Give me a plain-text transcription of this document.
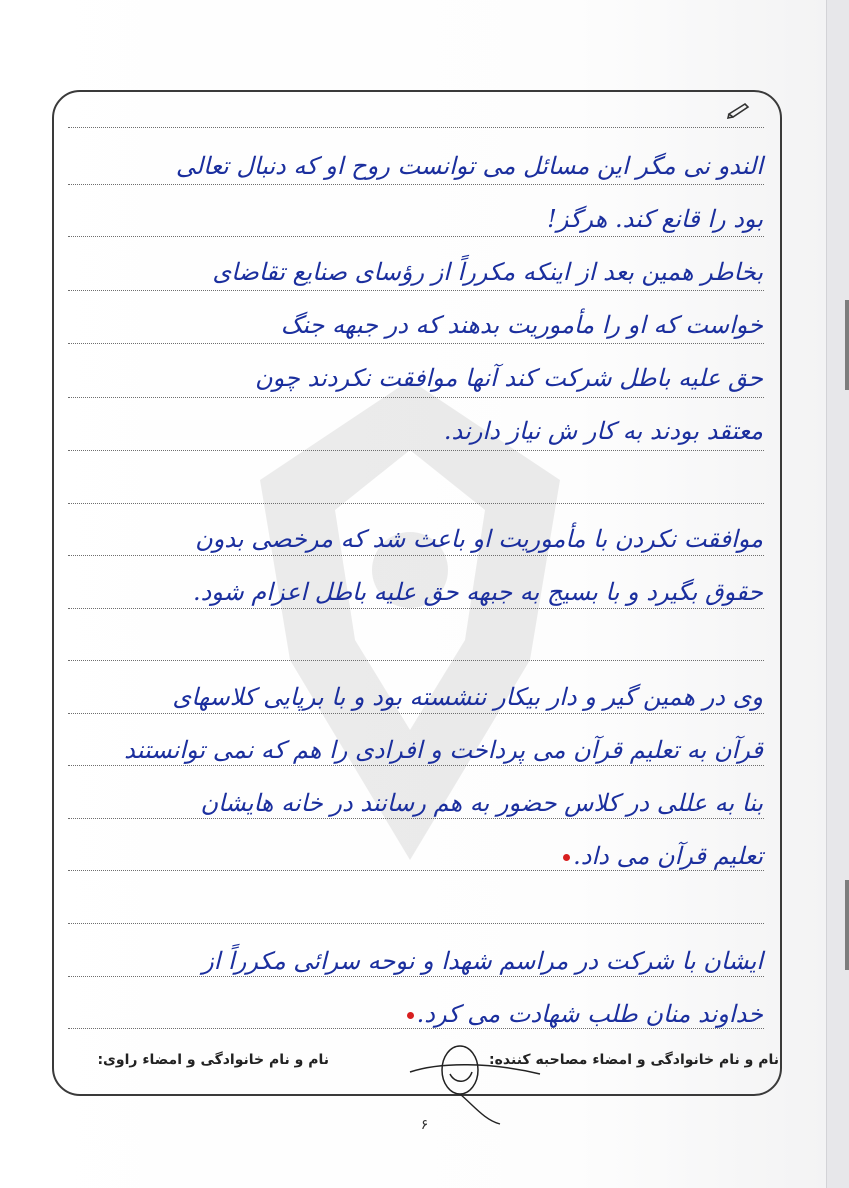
الندو نی مگر این مسائل می توانست روح او که دنبال تعالی
بود را قانع کند. هرگز!
بخاطر همین بعد از اینکه مکرراً از رؤسای صنایع تقاضای
خواست که او را مأموریت بدهند که در جبهه جنگ
حق علیه باطل شرکت کند آنها موافقت نکردند چون
معتقد بودند به کار ش نیاز دارند.
موافقت نکردن با مأموریت او باعث شد که مرخصی بدون
حقوق بگیرد و با بسیج به جبهه حق علیه باطل اعزام شود.
وی در همین گیر و دار بیکار ننشسته بود و با برپایی کلاسهای
قرآن به تعلیم قرآن می پرداخت و افرادی را هم که نمی توانستند
بنا به عللی در کلاس حضور به هم رسانند در خانه هایشان
تعلیم قرآن می داد.
ایشان با شرکت در مراسم شهدا و نوحه سرائی مکرراً از
خداوند منان طلب شهادت می کرد.
نام و نام خانوادگی و امضاء مصاحبه کننده:
نام و نام خانوادگی و امضاء راوی:
۶
